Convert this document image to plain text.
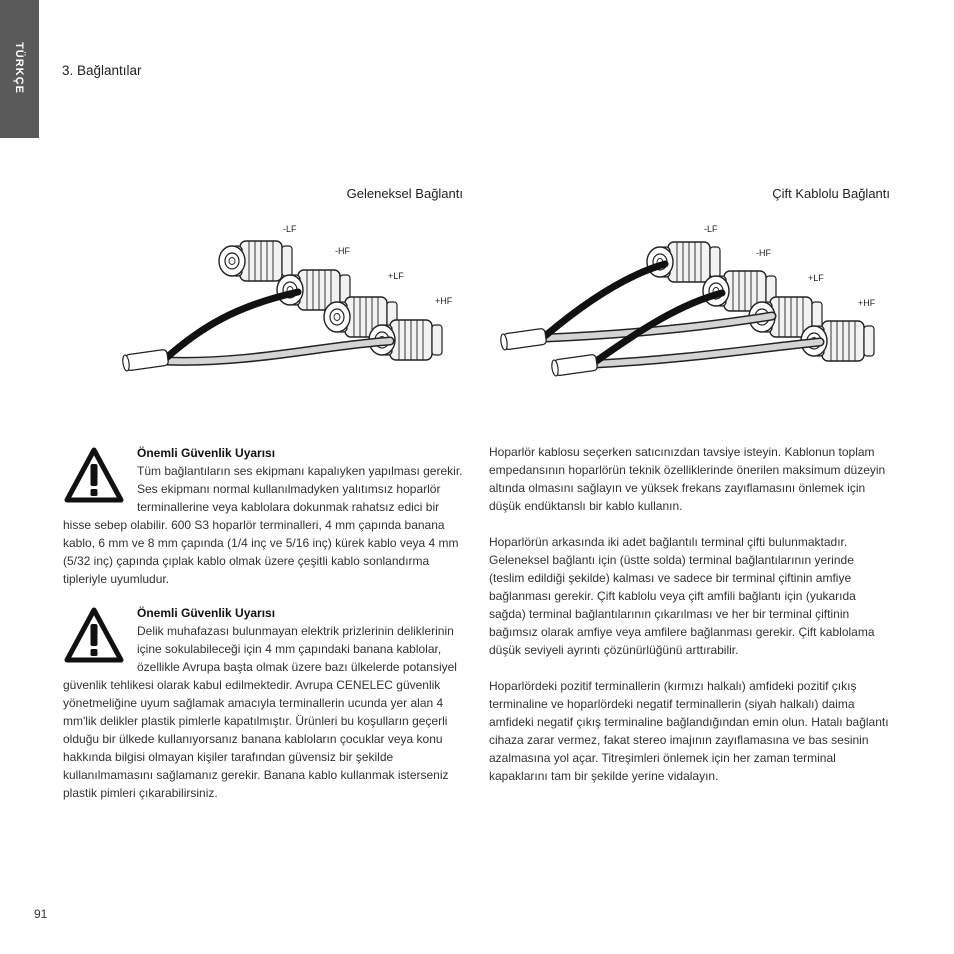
TÜRKÇE	3. Bağlantılar
Geleneksel Bağlantı	Çift Kablolu Bağlantı
-LF
-HF
+LF
+HF
-LF
-HF
+LF
+HF
Önemli Güvenlik Uyarısı

Tüm bağlantıların ses ekipmanı kapalıyken yapılması gerekir. Ses ekipmanı normal kullanılmadyken yalıtımsız hoparlör terminallerine veya kablolara dokunmak rahatsız edici bir hisse sebep olabilir. 600 S3 hoparlör terminalleri, 4 mm çapında banana kablo, 6 mm ve 8 mm çapında (1/4 inç ve 5/16 inç) kürek kablo veya 4 mm (5/32 inç) çapında çıplak kablo olmak üzere çeşitli kablo sonlandırma tipleriyle uyumludur.

Önemli Güvenlik Uyarısı

Delik muhafazası bulunmayan elektrik prizlerinin deliklerinin içine sokulabileceği için 4 mm çapındaki banana kablolar, özellikle Avrupa başta olmak üzere bazı ülkelerde potansiyel güvenlik tehlikesi olarak kabul edilmektedir. Avrupa CENELEC güvenlik yönetmeliğine uyum sağlamak amacıyla terminallerin ucunda yer alan 4 mm'lik delikler plastik pimlerle kapatılmıştır. Ürünleri bu koşulların geçerli olduğu bir ülkede kullanıyorsanız banana kabloların çocuklar veya konu hakkında bilgisi olmayan kişiler tarafından güvensiz bir şekilde kullanılmamasını sağlamanız gerekir. Banana kablo kullanmak isterseniz plastik pimleri çıkarabilirsiniz.

Hoparlör kablosu seçerken satıcınızdan tavsiye isteyin. Kablonun toplam empedansının hoparlörün teknik özelliklerinde önerilen maksimum düzeyin altında olmasını sağlayın ve yüksek frekans zayıflamasını önlemek için düşük endüktanslı bir kablo kullanın.

Hoparlörün arkasında iki adet bağlantılı terminal çifti bulunmaktadır. Geleneksel bağlantı için (üstte solda) terminal bağlantılarının yerinde (teslim edildiği şekilde) kalması ve sadece bir terminal çiftinin amfiye bağlanması gerekir. Çift kablolu veya çift amfili bağlantı için (yukarıda sağda) terminal bağlantılarının çıkarılması ve her bir terminal çiftinin bağımsız olarak amfiye veya amfilere bağlanması gerekir. Çift kablolama düşük seviyeli ayrıntı çözünürlüğünü arttırabilir.

Hoparlördeki pozitif terminallerin (kırmızı halkalı) amfideki pozitif çıkış terminaline ve hoparlördeki negatif terminallerin (siyah halkalı) daima amfideki negatif çıkış terminaline bağlandığından emin olun. Hatalı bağlantı cihaza zarar vermez, fakat stereo imajının zayıflamasına ve bas sesinin azalmasına yol açar. Titreşimleri önlemek için her zaman terminal kapaklarını tam bir şekilde yerine vidalayın.

91
